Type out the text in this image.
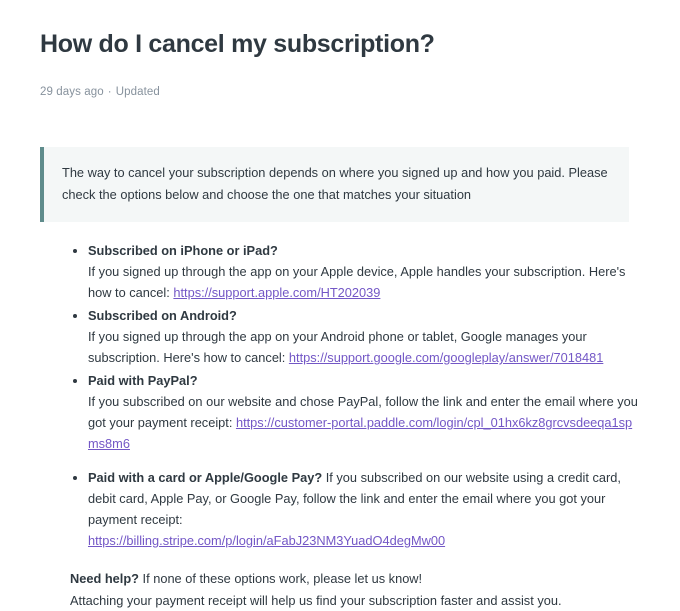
How do I cancel my subscription?
29 days ago · Updated

The way to cancel your subscription depends on where you signed up and how you paid. Please check the options below and choose the one that matches your situation

• Subscribed on iPhone or iPad?
If you signed up through the app on your Apple device, Apple handles your subscription. Here's how to cancel: https://support.apple.com/HT202039
• Subscribed on Android?
If you signed up through the app on your Android phone or tablet, Google manages your subscription. Here's how to cancel: https://support.google.com/googleplay/answer/7018481
• Paid with PayPal?
If you subscribed on our website and chose PayPal, follow the link and enter the email where you got your payment receipt: https://customer-portal.paddle.com/login/cpl_01hx6kz8grcvsdeeqa1spms8m6
• Paid with a card or Apple/Google Pay? If you subscribed on our website using a credit card, debit card, Apple Pay, or Google Pay, follow the link and enter the email where you got your payment receipt:
https://billing.stripe.com/p/login/aFabJ23NM3YuadO4degMw00
Need help? If none of these options work, please let us know!
Attaching your payment receipt will help us find your subscription faster and assist you.
